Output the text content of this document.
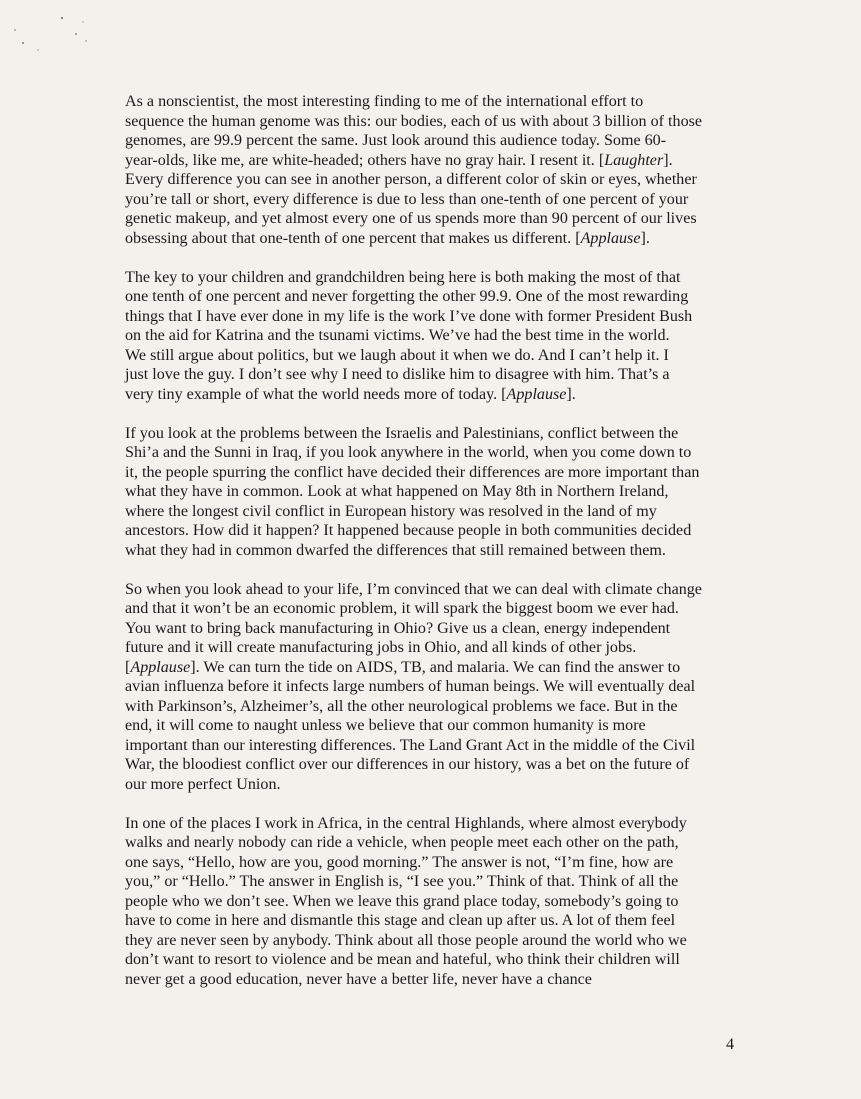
As a nonscientist, the most interesting finding to me of the international effort to
sequence the human genome was this: our bodies, each of us with about 3 billion of those
genomes, are 99.9 percent the same. Just look around this audience today. Some 60-
year-olds, like me, are white-headed; others have no gray hair. I resent it. [Laughter].
Every difference you can see in another person, a different color of skin or eyes, whether
you’re tall or short, every difference is due to less than one-tenth of one percent of your
genetic makeup, and yet almost every one of us spends more than 90 percent of our lives
obsessing about that one-tenth of one percent that makes us different. [Applause].

The key to your children and grandchildren being here is both making the most of that
one tenth of one percent and never forgetting the other 99.9. One of the most rewarding
things that I have ever done in my life is the work I’ve done with former President Bush
on the aid for Katrina and the tsunami victims. We’ve had the best time in the world.
We still argue about politics, but we laugh about it when we do. And I can’t help it. I
just love the guy. I don’t see why I need to dislike him to disagree with him. That’s a
very tiny example of what the world needs more of today. [Applause].

If you look at the problems between the Israelis and Palestinians, conflict between the
Shi’a and the Sunni in Iraq, if you look anywhere in the world, when you come down to
it, the people spurring the conflict have decided their differences are more important than
what they have in common. Look at what happened on May 8th in Northern Ireland,
where the longest civil conflict in European history was resolved in the land of my
ancestors. How did it happen? It happened because people in both communities decided
what they had in common dwarfed the differences that still remained between them.

So when you look ahead to your life, I’m convinced that we can deal with climate change
and that it won’t be an economic problem, it will spark the biggest boom we ever had.
You want to bring back manufacturing in Ohio? Give us a clean, energy independent
future and it will create manufacturing jobs in Ohio, and all kinds of other jobs.
[Applause]. We can turn the tide on AIDS, TB, and malaria. We can find the answer to
avian influenza before it infects large numbers of human beings. We will eventually deal
with Parkinson’s, Alzheimer’s, all the other neurological problems we face. But in the
end, it will come to naught unless we believe that our common humanity is more
important than our interesting differences. The Land Grant Act in the middle of the Civil
War, the bloodiest conflict over our differences in our history, was a bet on the future of
our more perfect Union.

In one of the places I work in Africa, in the central Highlands, where almost everybody
walks and nearly nobody can ride a vehicle, when people meet each other on the path,
one says, “Hello, how are you, good morning.” The answer is not, “I’m fine, how are
you,” or “Hello.” The answer in English is, “I see you.” Think of that. Think of all the
people who we don’t see. When we leave this grand place today, somebody’s going to
have to come in here and dismantle this stage and clean up after us. A lot of them feel
they are never seen by anybody. Think about all those people around the world who we
don’t want to resort to violence and be mean and hateful, who think their children will
never get a good education, never have a better life, never have a chance

4
